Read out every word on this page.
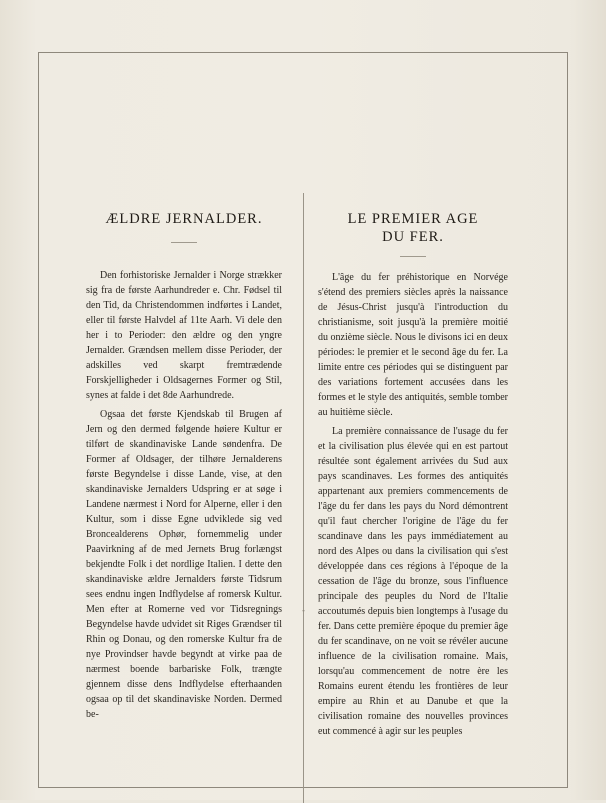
-
ÆLDRE JERNALDER.

Den forhistoriske Jernalder i Norge strækker sig fra de første Aarhundreder e. Chr. Fødsel til den Tid, da Christendommen indførtes i Landet, eller til første Halvdel af 11te Aarh. Vi dele den her i to Perioder: den ældre og den yngre Jernalder. Grændsen mellem disse Perioder, der adskilles ved skarpt fremtrædende Forskjelligheder i Oldsagernes Former og Stil, synes at falde i det 8de Aarhundrede.

Ogsaa det første Kjendskab til Brugen af Jern og den dermed følgende høiere Kultur er tilført de skandinaviske Lande søndenfra. De Former af Oldsager, der tilhøre Jernalderens første Begyndelse i disse Lande, vise, at den skandinaviske Jernalders Udspring er at søge i Landene nærmest i Nord for Alperne, eller i den Kultur, som i disse Egne udviklede sig ved Broncealderens Ophør, fornemmelig under Paavirkning af de med Jernets Brug forlængst bekjendte Folk i det nordlige Italien. I dette den skandinaviske ældre Jernalders første Tidsrum sees endnu ingen Indflydelse af romersk Kultur. Men efter at Romerne ved vor Tidsregnings Begyndelse havde udvidet sit Riges Grændser til Rhin og Donau, og den romerske Kultur fra de nye Provindser havde begyndt at virke paa de nærmest boende barbariske Folk, trængte gjennem disse dens Indflydelse efterhaanden ogsaa op til det skandinaviske Norden. Dermed be-

LE PREMIER AGE
DU FER.

L'âge du fer préhistorique en Norvége s'étend des premiers siècles après la naissance de Jésus-Christ jusqu'à l'introduction du christianisme, soit jusqu'à la première moitié du onzième siècle. Nous le divisons ici en deux périodes: le premier et le second âge du fer. La limite entre ces périodes qui se distinguent par des variations fortement accusées dans les formes et le style des antiquités, semble tomber au huitième siècle.

La première connaissance de l'usage du fer et la civilisation plus élevée qui en est partout résultée sont également arrivées du Sud aux pays scandinaves. Les formes des antiquités appartenant aux premiers commencements de l'âge du fer dans les pays du Nord démontrent qu'il faut chercher l'origine de l'âge du fer scandinave dans les pays immédiatement au nord des Alpes ou dans la civilisation qui s'est développée dans ces régions à l'époque de la cessation de l'âge du bronze, sous l'influence principale des peuples du Nord de l'Italie accoutumés depuis bien longtemps à l'usage du fer. Dans cette première époque du premier âge du fer scandinave, on ne voit se révéler aucune influence de la civilisation romaine. Mais, lorsqu'au commencement de notre ère les Romains eurent étendu les frontières de leur empire au Rhin et au Danube et que la civilisation romaine des nouvelles provinces eut commencé à agir sur les peuples
